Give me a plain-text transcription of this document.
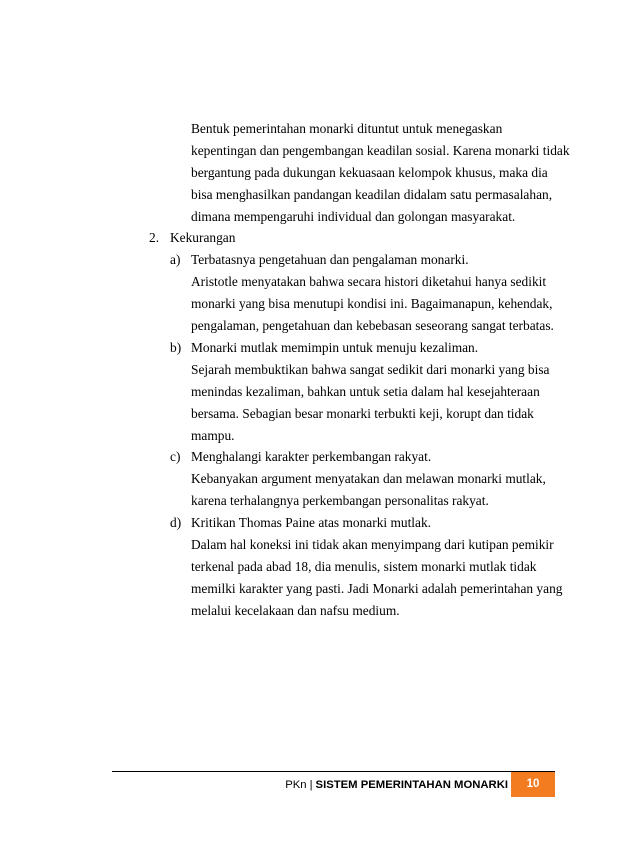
Bentuk pemerintahan monarki dituntut untuk menegaskan
kepentingan dan pengembangan keadilan sosial. Karena monarki tidak
bergantung pada dukungan kekuasaan kelompok khusus, maka dia
bisa menghasilkan pandangan keadilan didalam satu permasalahan,
dimana mempengaruhi individual dan golongan masyarakat.
2. Kekurangan
a) Terbatasnya pengetahuan dan pengalaman monarki.
Aristotle menyatakan bahwa secara histori diketahui hanya sedikit
monarki yang bisa menutupi kondisi ini. Bagaimanapun, kehendak,
pengalaman, pengetahuan dan kebebasan seseorang sangat terbatas.
b) Monarki mutlak memimpin untuk menuju kezaliman.
Sejarah membuktikan bahwa sangat sedikit dari monarki yang bisa
menindas kezaliman, bahkan untuk setia dalam hal kesejahteraan
bersama. Sebagian besar monarki terbukti keji, korupt dan tidak
mampu.
c) Menghalangi karakter perkembangan rakyat.
Kebanyakan argument menyatakan dan melawan monarki mutlak,
karena terhalangnya perkembangan personalitas rakyat.
d) Kritikan Thomas Paine atas monarki mutlak.
Dalam hal koneksi ini tidak akan menyimpang dari kutipan pemikir
terkenal pada abad 18, dia menulis, sistem monarki mutlak tidak
memilki karakter yang pasti. Jadi Monarki adalah pemerintahan yang
melalui kecelakaan dan nafsu medium.
PKn | SISTEM PEMERINTAHAN MONARKI	10
